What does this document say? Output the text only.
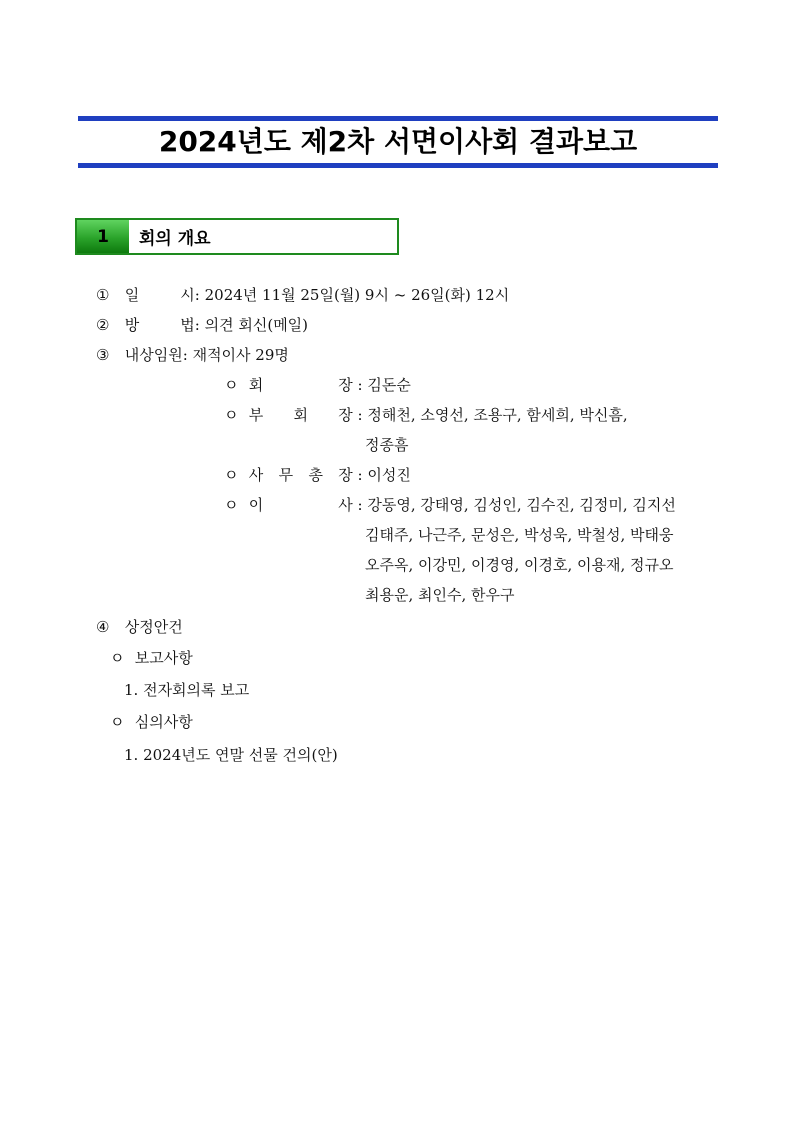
2024년도 제2차 서면이사회 결과보고
1	회의 개요
① 일	시 : 2024년 11월 25일(월) 9시 ~ 26일(화) 12시
② 방	법 : 의견 회신(메일)
③ 내상임원: 재적이사 29명
ㅇ 회	장 : 김돈순
ㅇ 부 회 장 : 정해천, 소영선, 조용구, 함세희, 박신흠,
정종흠
ㅇ 사 무 총 장 : 이성진
ㅇ 이	사 : 강동영, 강태영, 김성인, 김수진, 김정미, 김지선
김태주, 나근주, 문성은, 박성욱, 박철성, 박태웅
오주옥, 이강민, 이경영, 이경호, 이용재, 정규오
최용운, 최인수, 한우구
④ 상정안건
ㅇ 보고사항
1. 전자회의록 보고
ㅇ 심의사항
1. 2024년도 연말 선물 건의(안)
